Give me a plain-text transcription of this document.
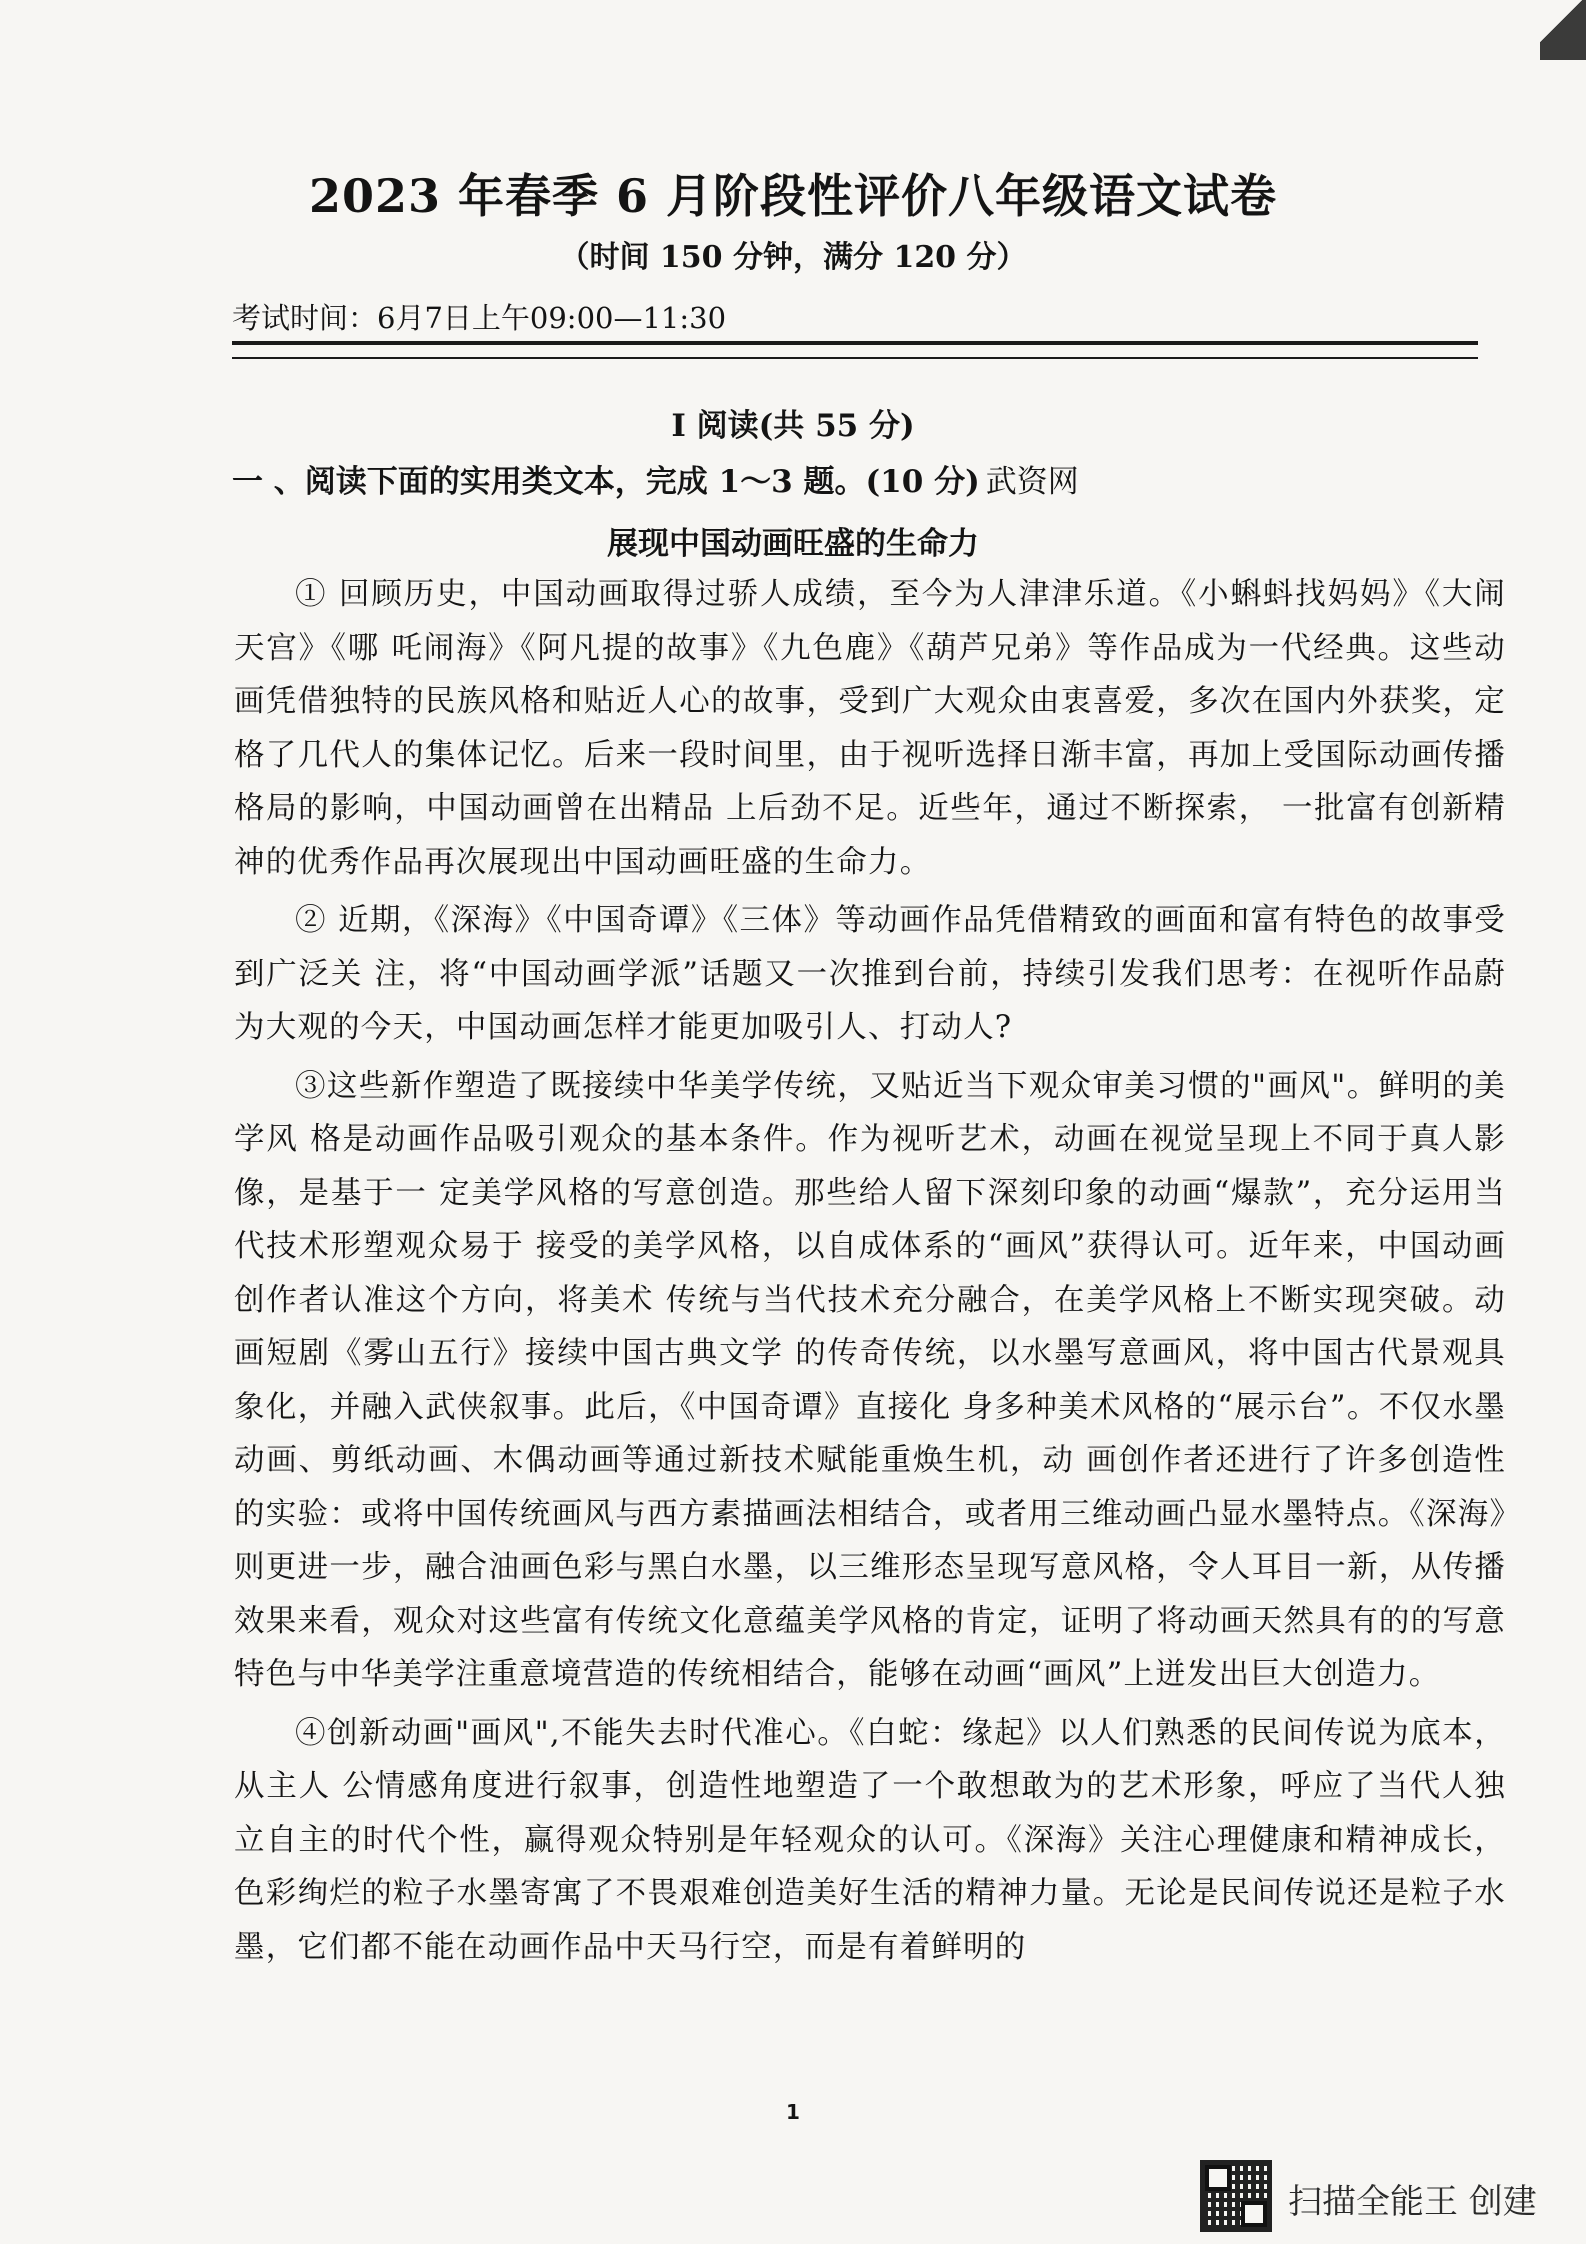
2023 年春季 6 月阶段性评价八年级语文试卷
（时间 150 分钟，满分 120 分）
考试时间：6月7日上午09:00—11:30
I 阅读(共 55 分)
一 、阅读下面的实用类文本，完成 1～3 题。(10 分) 武资网
展现中国动画旺盛的生命力

① 回顾历史，中国动画取得过骄人成绩，至今为人津津乐道。《小蝌蚪找妈妈》《大闹天宫》《哪 吒闹海》《阿凡提的故事》《九色鹿》《葫芦兄弟》等作品成为一代经典。这些动画凭借独特的民族风格和贴近人心的故事，受到广大观众由衷喜爱，多次在国内外获奖，定格了几代人的集体记忆。后来一段时间里，由于视听选择日渐丰富，再加上受国际动画传播格局的影响，中国动画曾在出精品 上后劲不足。近些年，通过不断探索， 一批富有创新精神的优秀作品再次展现出中国动画旺盛的生命力。

② 近期，《深海》《中国奇谭》《三体》等动画作品凭借精致的画面和富有特色的故事受到广泛关 注，将“中国动画学派”话题又一次推到台前，持续引发我们思考：在视听作品蔚为大观的今天，中国动画怎样才能更加吸引人、打动人?

③这些新作塑造了既接续中华美学传统，又贴近当下观众审美习惯的"画风"。鲜明的美学风 格是动画作品吸引观众的基本条件。作为视听艺术，动画在视觉呈现上不同于真人影像，是基于一 定美学风格的写意创造。那些给人留下深刻印象的动画“爆款”，充分运用当代技术形塑观众易于 接受的美学风格，以自成体系的“画风”获得认可。近年来，中国动画创作者认准这个方向，将美术 传统与当代技术充分融合，在美学风格上不断实现突破。动画短剧《雾山五行》接续中国古典文学 的传奇传统，以水墨写意画风，将中国古代景观具象化，并融入武侠叙事。此后，《中国奇谭》直接化 身多种美术风格的“展示台”。不仅水墨动画、剪纸动画、木偶动画等通过新技术赋能重焕生机，动 画创作者还进行了许多创造性的实验：或将中国传统画风与西方素描画法相结合，或者用三维动画凸显水墨特点。《深海》则更进一步，融合油画色彩与黑白水墨，以三维形态呈现写意风格，令人耳目一新，从传播效果来看，观众对这些富有传统文化意蕴美学风格的肯定，证明了将动画天然具有的的写意特色与中华美学注重意境营造的传统相结合，能够在动画“画风”上迸发出巨大创造力。

④创新动画"画风",不能失去时代准心。《白蛇：缘起》以人们熟悉的民间传说为底本，从主人 公情感角度进行叙事，创造性地塑造了一个敢想敢为的艺术形象，呼应了当代人独立自主的时代个性，赢得观众特别是年轻观众的认可。《深海》关注心理健康和精神成长，色彩绚烂的粒子水墨寄寓了不畏艰难创造美好生活的精神力量。无论是民间传说还是粒子水墨，它们都不能在动画作品中天马行空，而是有着鲜明的

1
扫描全能王 创建
